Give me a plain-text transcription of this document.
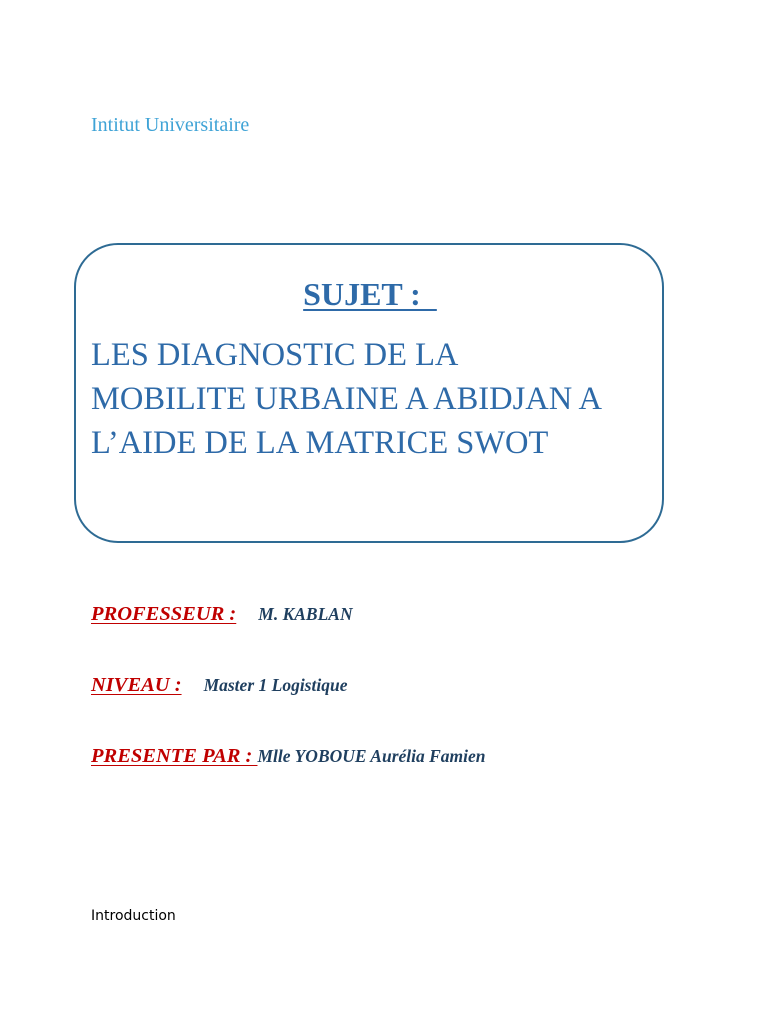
Intitut Universitaire
SUJET :
LES DIAGNOSTIC DE LA
MOBILITE URBAINE A ABIDJAN A
L’AIDE DE LA MATRICE SWOT
PROFESSEUR : M. KABLAN
NIVEAU : Master 1 Logistique
PRESENTE PAR : Mlle YOBOUE Aurélia Famien
Introduction
